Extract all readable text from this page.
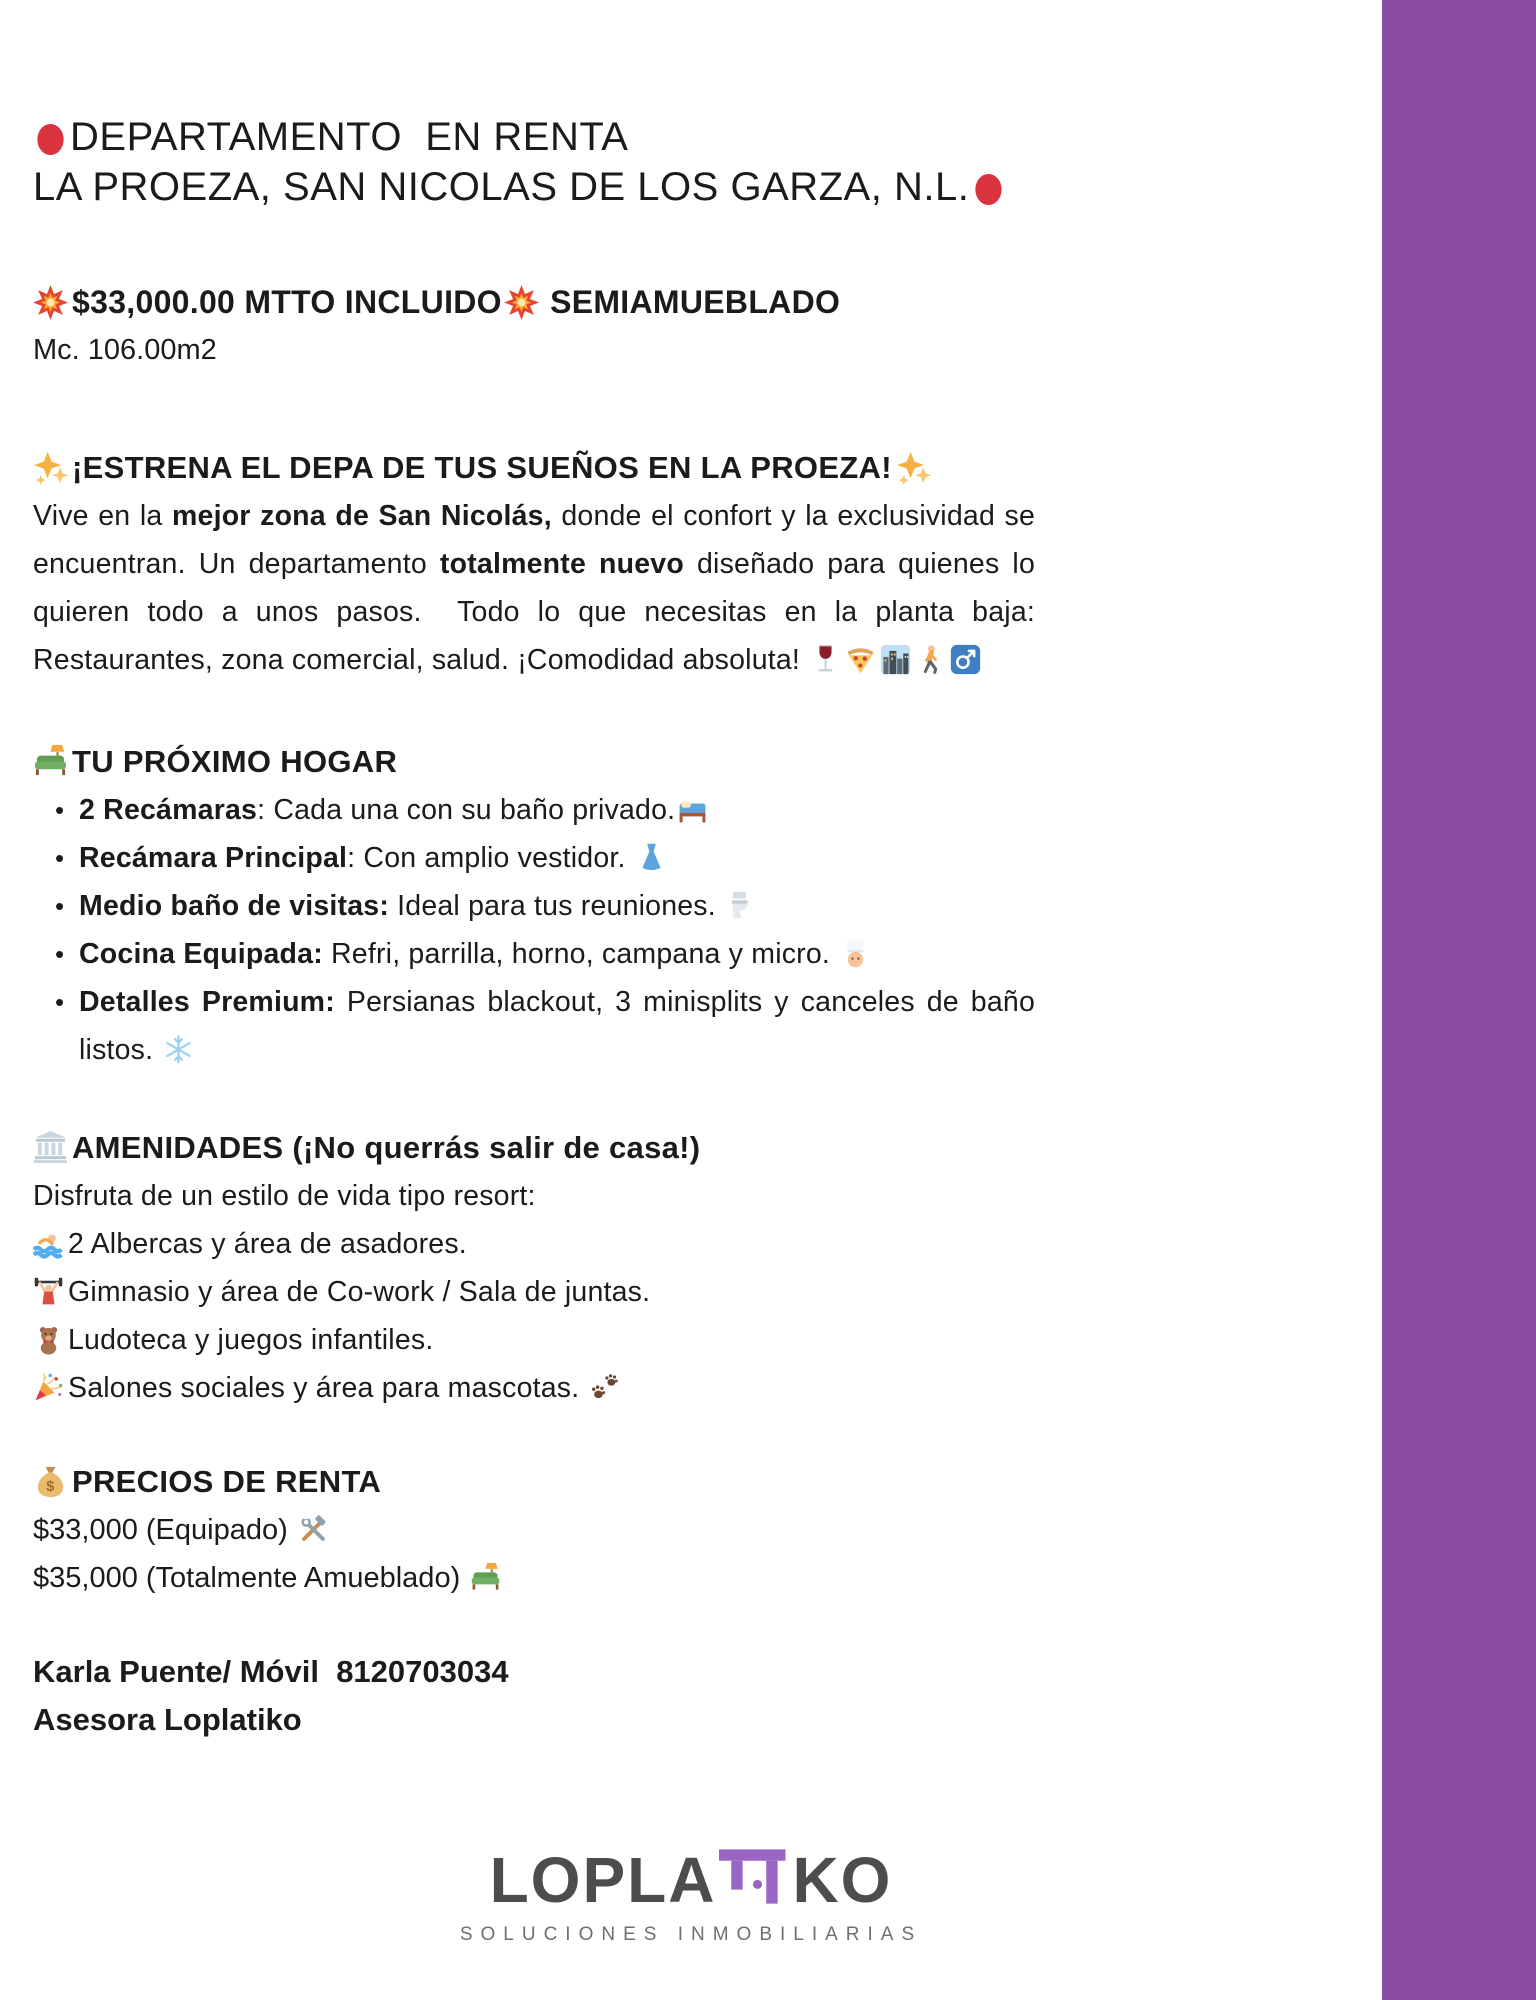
DEPARTAMENTO  EN RENTA
LA PROEZA, SAN NICOLAS DE LOS GARZA, N.L.
$33,000.00 MTTO INCLUIDO SEMIAMUEBLADO
Mc. 106.00m2
¡ESTRENA EL DEPA DE TUS SUEÑOS EN LA PROEZA!
Vive en la mejor zona de San Nicolás, donde el confort y la exclusividad se encuentran. Un departamento totalmente nuevo diseñado para quienes lo quieren todo a unos pasos.  Todo lo que necesitas en la planta baja: Restaurantes, zona comercial, salud. ¡Comodidad absoluta!
TU PRÓXIMO HOGAR
• 2 Recámaras: Cada una con su baño privado.
• Recámara Principal: Con amplio vestidor.
• Medio baño de visitas: Ideal para tus reuniones.
• Cocina Equipada: Refri, parrilla, horno, campana y micro.
• Detalles Premium: Persianas blackout, 3 minisplits y canceles de baño listos.
AMENIDADES (¡No querrás salir de casa!)
Disfruta de un estilo de vida tipo resort:
2 Albercas y área de asadores.
Gimnasio y área de Co-work / Sala de juntas.
Ludoteca y juegos infantiles.
Salones sociales y área para mascotas.
$ PRECIOS DE RENTA
$33,000 (Equipado)
$35,000 (Totalmente Amueblado)
Karla Puente/ Móvil  8120703034
Asesora Loplatiko
LOPLA KO
SOLUCIONES INMOBILIARIAS
